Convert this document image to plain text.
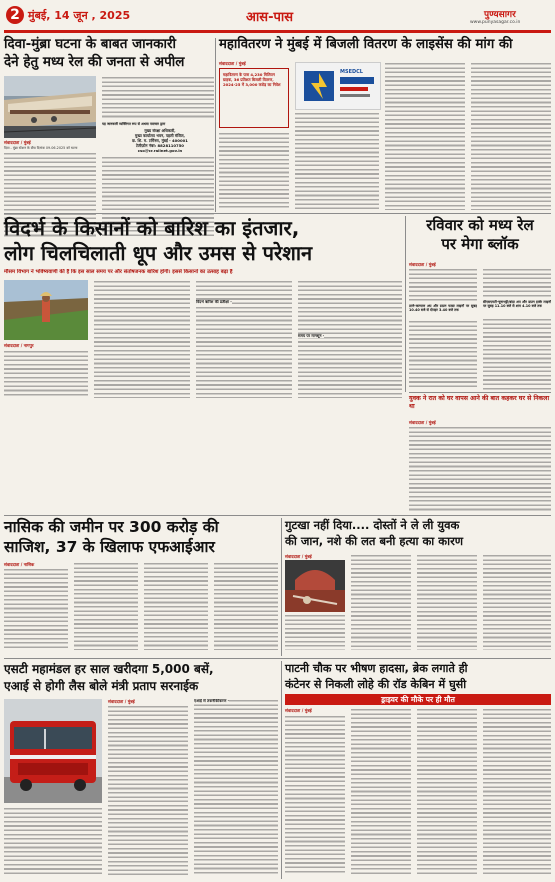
2 मुंबई, 14 जून , 2025	आस-पास	पुण्यसागर
www.punyasagar.co.in
दिवा-मुंब्रा घटना के बाबत जानकारी
देने हेतु मध्य रेल की जनता से अपील
संवाददाता / मुंबई
दिवा - मुंब्रा स्टेशन के बीच दिनांक 09.06.2025 को घटना
यह जानकारी व्यक्तिगत रूप से अथवा पत्राचार द्वारा
मुख्य संरक्षा अधिकारी,
मुख्य कार्यालय भवन, पहली मंजिल,
छ. शि. म. टर्मिनस, मुंबई - 400001
टेलीफ़ोन नंबर: 8828110750
cso@cr.railnet.gov.in
महावितरण ने मुंबई में बिजली वितरण के लाइसेंस की मांग की
संवाददाता / मुंबई
महावितरण के पास 4,230 मिलियन ग्राहक, 36 प्रतिशत बिजली वितरण, 2024-25 में 3,000 करोड़ का निवेश
MSEDCL
विदर्भ के किसानों को बारिश का इंतजार,
लोग चिलचिलाती धूप और उमस से परेशान
मौसम विभाग ने भविष्यवाणी की है कि इस साल समय पर और संतोषजनक बारिश होगी। इससे किसानों का उत्साह बढ़ा है
संवाददाता / नागपुर
विदर्भ बारिश की प्रतीक्षा -
समय पर मानसून -
रविवार को मध्य रेल
पर मेगा ब्लॉक
संवाददाता / मुंबई
ठाणे-कल्याण अप और डाउन फास्ट लाइनों पर सुबह 10.40 बजे से दोपहर 3.40 बजे तक
सीएसएमटी-चूनाभट्टी/बांद्रा अप और डाउन हार्बर लाइनों पर सुबह 11.10 बजे से शाम 4.10 बजे तक
युवक ने रात को घर वापस आने की बात कहकर घर से निकला था
संवाददाता / मुंबई
नासिक की जमीन पर 300 करोड़ की
साजिश, 37 के खिलाफ एफआईआर
संवाददाता / नासिक
गुटखा नहीं दिया.... दोस्तों ने ले ली युवक
की जान, नशे की लत बनी हत्या का कारण
संवाददाता / मुंबई
एसटी महामंडल हर साल खरीदगा 5,000 बसें,
एआई से होगी लैस बोले मंत्री प्रताप सरनाईक
संवाददाता / मुंबई	एआई से तकनीकीकरण -
पाटनी चौक पर भीषण हादसा, ब्रेक लगाते ही
कंटेनर से निकली लोहे की रॉड केबिन में घुसी
ड्राइवर की मौके पर ही मौत
संवाददाता / मुंबई
